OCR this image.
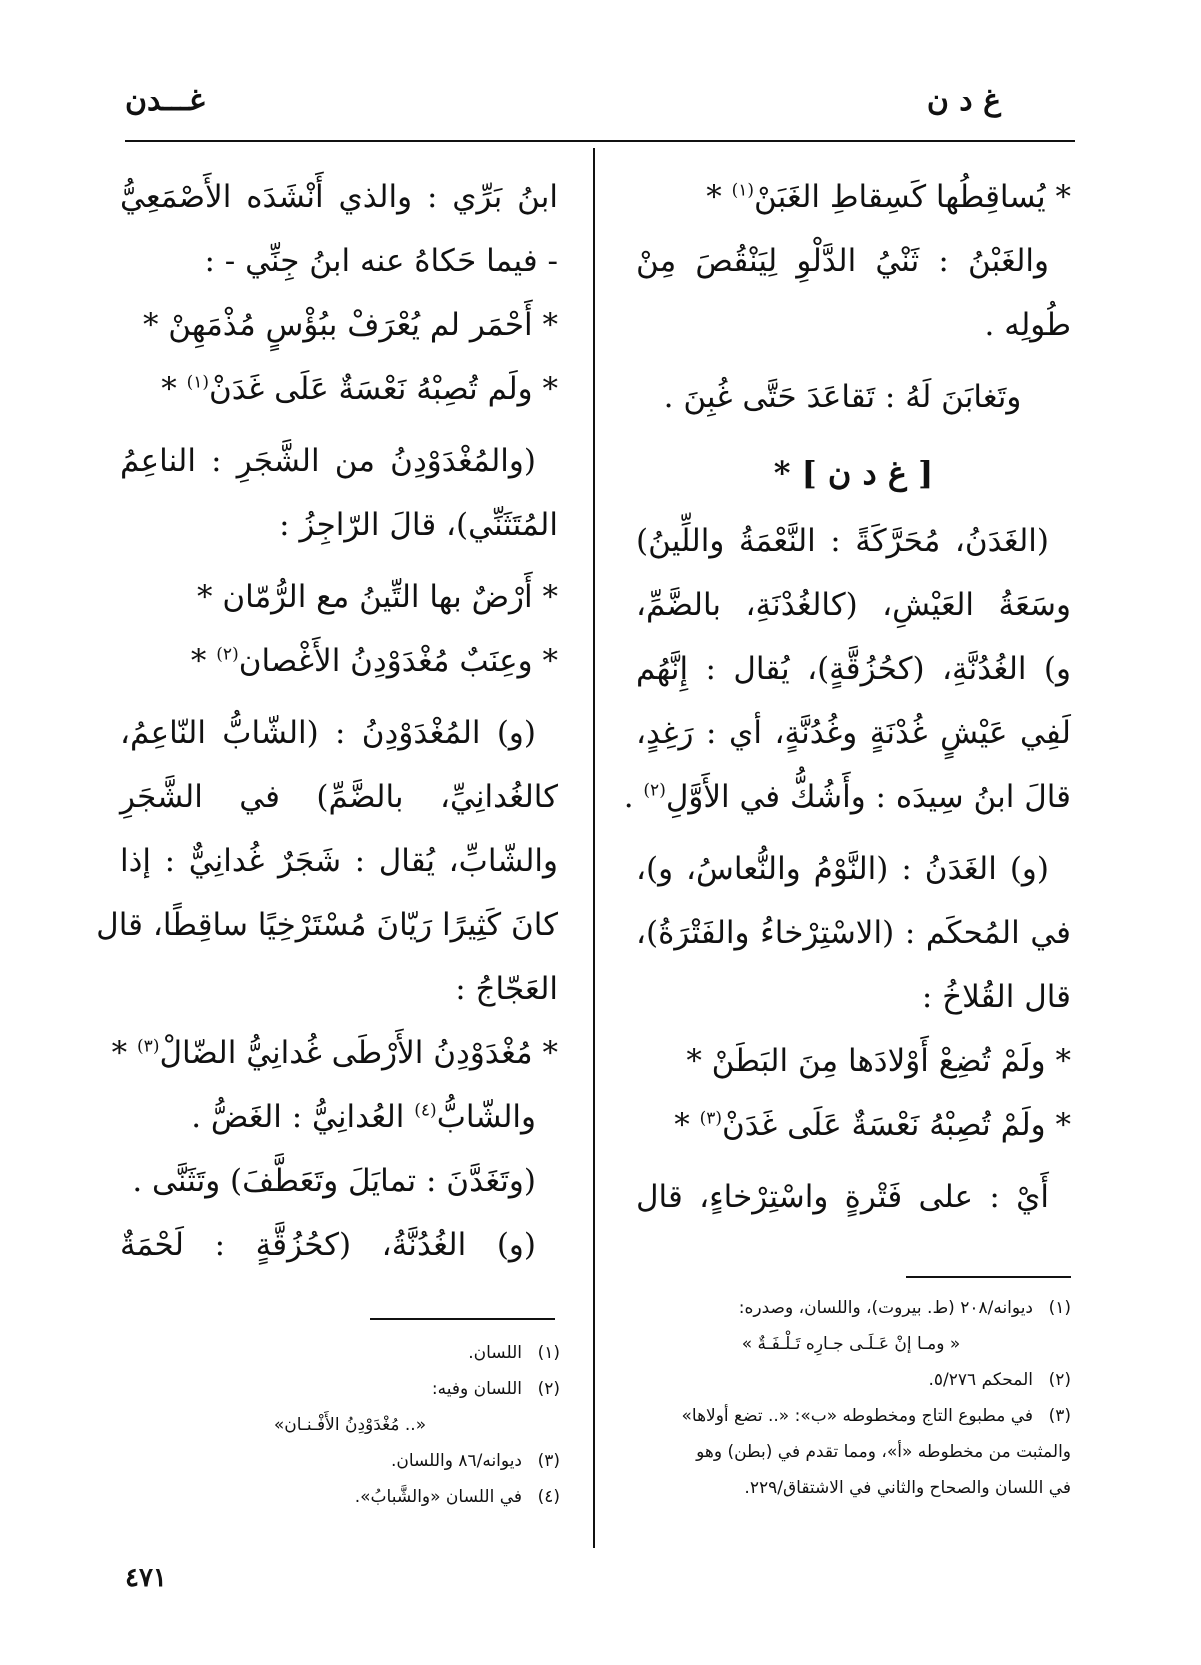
غ د ن
غـــدن
* يُساقِطُها كَسِقاطِ الغَبَنْ$^{(١)}$ *
والغَبْنُ : ثَنْيُ الدَّلْوِ لِيَنْقُصَ مِنْ
طُولِه .
وتَغابَنَ لَهُ : تَقاعَدَ حَتَّى غُبِنَ .
[ غ د ن ] *
(الغَدَنُ، مُحَرَّكَةً : النَّعْمَةُ واللِّينُ)
وسَعَةُ العَيْشِ، (كالغُدْنَةِ، بالضَّمِّ،
و) الغُدُنَّةِ، (كحُزُقَّةٍ)، يُقال : إِنَّهُم
لَفِي عَيْشٍ غُدْنَةٍ وغُدُنَّةٍ، أي : رَغِدٍ،
قالَ ابنُ سِيدَه : وأَشُكُّ في الأَوَّلِ$^{(٢)}$ .
(و) الغَدَنُ : (النَّوْمُ والنُّعاسُ، و)،
في المُحكَم : (الاسْتِرْخاءُ والفَتْرَةُ)،
قال القُلاخُ :
* ولَمْ تُضِعْ أَوْلادَها مِنَ البَطَنْ *
* ولَمْ تُصِبْهُ نَعْسَةٌ عَلَى غَدَنْ$^{(٣)}$ *
أَيْ : على فَتْرةٍ واسْتِرْخاءٍ، قال
ابنُ بَرِّي : والذي أَنْشَدَه الأَصْمَعِيُّ
- فيما حَكاهُ عنه ابنُ جِنِّي - :
* أَحْمَر لم يُعْرَفْ ببُؤْسٍ مُذْمَهِنْ *
* ولَم تُصِبْهُ نَعْسَةٌ عَلَى غَدَنْ$^{(١)}$ *
(والمُغْدَوْدِنُ من الشَّجَرِ : الناعِمُ
المُتَثَنِّي)، قالَ الرّاجِزُ :
* أَرْضٌ بها التِّينُ مع الرُّمّان *
* وعِنَبٌ مُغْدَوْدِنُ الأَغْصان$^{(٢)}$ *
(و) المُغْدَوْدِنُ : (الشّابُّ النّاعِمُ،
كالغُدانِيِّ، بالضَّمِّ) في الشَّجَرِ
والشّابِّ، يُقال : شَجَرٌ غُدانِيٌّ : إذا
كانَ كَثِيرًا رَيّانَ مُسْتَرْخِيًا ساقِطًا، قال
العَجّاجُ :
* مُغْدَوْدِنُ الأَرْطَى غُدانِيُّ الضّالْ$^{(٣)}$ *
والشّابُّ$^{(٤)}$ العُدانِيُّ : الغَضُّ .
(وتَغَدَّنَ : تمايَلَ وتَعَطَّفَ) وتَثَنَّى .
(و) الغُدُنَّةُ، (كحُزُقَّةٍ : لَحْمَةٌ
(١)ديوانه/٢٠٨ (ط. بيروت)، واللسان، وصدره:
« ومـا إنْ عَـلَـى جـارِه تَـلْـفَـةٌ »
(٢)المحكم ٥/٢٧٦.
(٣)في مطبوع التاج ومخطوطه «ب»: «.. تضع أولاها»
والمثبت من مخطوطه «أ»، ومما تقدم في (بطن) وهو
في اللسان والصحاح والثاني في الاشتقاق/٢٢٩.
(١)اللسان.
(٢)اللسان وفيه:
«.. مُغْدَوْدِنُ الأَفْـنـان»
(٣)ديوانه/٨٦ واللسان.
(٤)في اللسان «والشَّبابُ».
٤٧١
